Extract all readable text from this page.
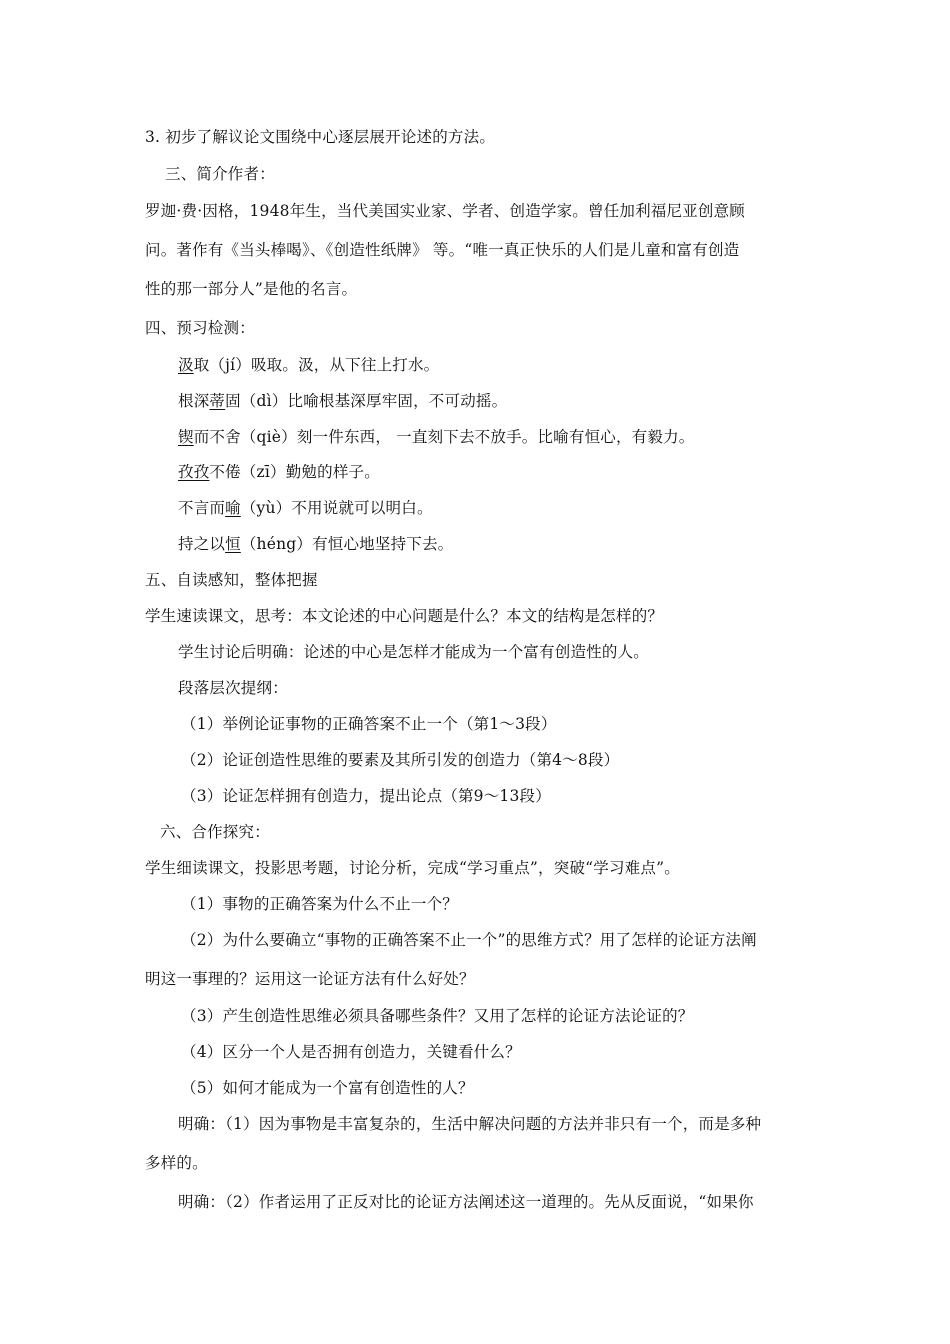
3. 初步了解议论文围绕中心逐层展开论述的方法。
三、简介作者：
罗迦·费·因格，1948年生，当代美国实业家、学者、创造学家。曾任加利福尼亚创意顾
问。著作有《当头棒喝》、《创造性纸牌》 等。“唯一真正快乐的人们是儿童和富有创造
性的那一部分人”是他的名言。
四、预习检测：
汲取（jí）吸取。汲，从下往上打水。
根深蒂固（dì）比喻根基深厚牢固，不可动摇。
锲而不舍（qiè）刻一件东西， 一直刻下去不放手。比喻有恒心，有毅力。
孜孜不倦（zī）勤勉的样子。
不言而喻（yù）不用说就可以明白。
持之以恒（héng）有恒心地坚持下去。
五、自读感知，整体把握
学生速读课文，思考：本文论述的中心问题是什么？本文的结构是怎样的？
学生讨论后明确：论述的中心是怎样才能成为一个富有创造性的人。
段落层次提纲：
（1）举例论证事物的正确答案不止一个（第1～3段）
（2）论证创造性思维的要素及其所引发的创造力（第4～8段）
（3）论证怎样拥有创造力，提出论点（第9～13段）
六、合作探究：
学生细读课文，投影思考题，讨论分析，完成“学习重点”，突破“学习难点”。
（1）事物的正确答案为什么不止一个？
（2）为什么要确立“事物的正确答案不止一个”的思维方式？用了怎样的论证方法阐
明这一事理的？运用这一论证方法有什么好处？
（3）产生创造性思维必须具备哪些条件？又用了怎样的论证方法论证的？
（4）区分一个人是否拥有创造力，关键看什么？
（5）如何才能成为一个富有创造性的人？
明确：（1）因为事物是丰富复杂的，生活中解决问题的方法并非只有一个，而是多种
多样的。
明确：（2）作者运用了正反对比的论证方法阐述这一道理的。先从反面说，“如果你
